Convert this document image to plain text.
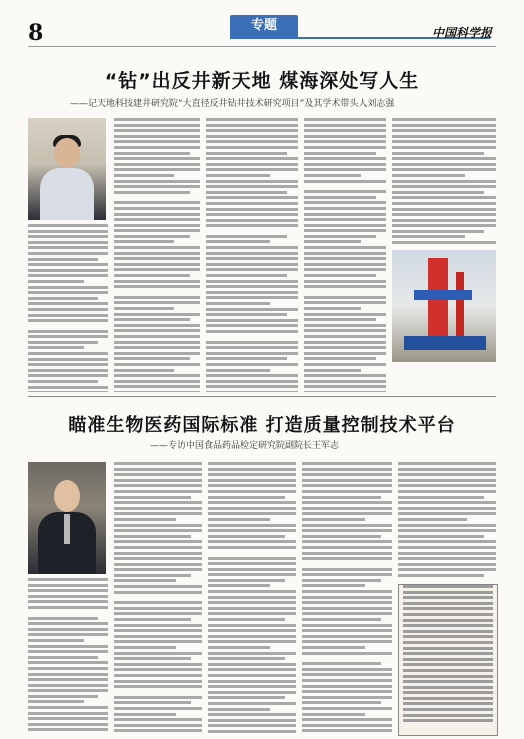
8	专题	中国科学报
“钻”出反井新天地 煤海深处写人生
——记天地科技建井研究院“大直径反井钻井技术研究项目”及其学术带头人刘志强
瞄准生物医药国际标准 打造质量控制技术平台
——专访中国食品药品检定研究院副院长王军志
